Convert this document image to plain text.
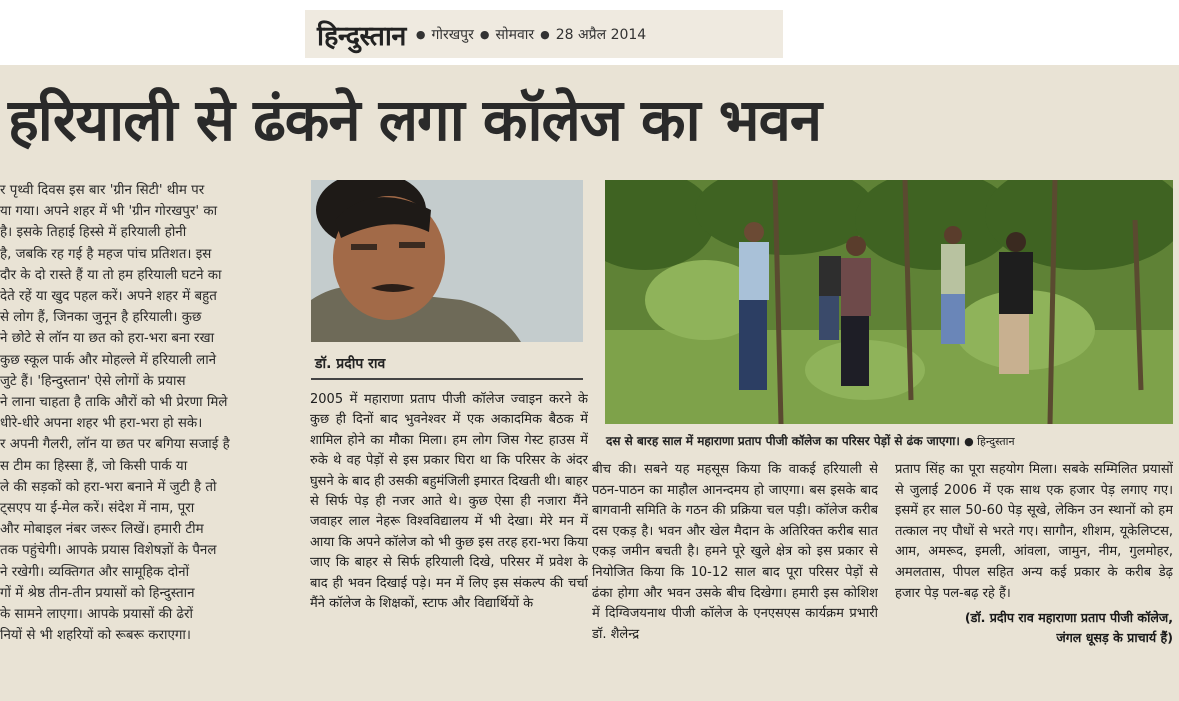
हिन्दुस्तान ● गोरखपुर ● सोमवार ● 28 अप्रैल 2014
हरियाली से ढंकने लगा कॉलेज का भवन

र पृथ्वी दिवस इस बार 'ग्रीन सिटी' थीम पर

या गया। अपने शहर में भी 'ग्रीन गोरखपुर' का

है। इसके तिहाई हिस्से में हरियाली होनी

है, जबकि रह गई है महज पांच प्रतिशत। इस

दौर के दो रास्ते हैं या तो हम हरियाली घटने का

देते रहें या खुद पहल करें। अपने शहर में बहुत

से लोग हैं, जिनका जुनून है हरियाली। कुछ

ने छोटे से लॉन या छत को हरा-भरा बना रखा

कुछ स्कूल पार्क और मोहल्ले में हरियाली लाने

जुटे हैं। 'हिन्दुस्तान' ऐसे लोगों के प्रयास

ने लाना चाहता है ताकि औरों को भी प्रेरणा मिले

धीरे-धीरे अपना शहर भी हरा-भरा हो सके।

र अपनी गैलरी, लॉन या छत पर बगिया सजाई है

स टीम का हिस्सा हैं, जो किसी पार्क या

ले की सड़कों को हरा-भरा बनाने में जुटी है तो

ट्सएप या ई-मेल करें। संदेश में नाम, पूरा

और मोबाइल नंबर जरूर लिखें। हमारी टीम

तक पहुंचेगी। आपके प्रयास विशेषज्ञों के पैनल

ने रखेगी। व्यक्तिगत और सामूहिक दोनों

गों में श्रेष्ठ तीन-तीन प्रयासों को हिन्दुस्तान

के सामने लाएगा। आपके प्रयासों की ढेरों

नियों से भी शहरियों को रूबरू कराएगा।

डॉ. प्रदीप राव

2005 में महाराणा प्रताप पीजी कॉलेज ज्वाइन करने के कुछ ही दिनों बाद भुवनेश्वर में एक अकादमिक बैठक में शामिल होने का मौका मिला। हम लोग जिस गेस्ट हाउस में रुके थे वह पेड़ों से इस प्रकार घिरा था कि परिसर के अंदर घुसने के बाद ही उसकी बहुमंजिली इमारत दिखती थी। बाहर से सिर्फ पेड़ ही नजर आते थे। कुछ ऐसा ही नजारा मैंने जवाहर लाल नेहरू विश्वविद्यालय में भी देखा। मेरे मन में आया कि अपने कॉलेज को भी कुछ इस तरह हरा-भरा किया जाए कि बाहर से सिर्फ हरियाली दिखे, परिसर में प्रवेश के बाद ही भवन दिखाई पड़े। मन में लिए इस संकल्प की चर्चा मैंने कॉलेज के शिक्षकों, स्टाफ और विद्यार्थियों के

दस से बारह साल में महाराणा प्रताप पीजी कॉलेज का परिसर पेड़ों से ढंक जाएगा। ● हिन्दुस्तान

बीच की। सबने यह महसूस किया कि वाकई हरियाली से पठन-पाठन का माहौल आनन्दमय हो जाएगा। बस इसके बाद बागवानी समिति के गठन की प्रक्रिया चल पड़ी। कॉलेज करीब दस एकड़ है। भवन और खेल मैदान के अतिरिक्त करीब सात एकड़ जमीन बचती है। हमने पूरे खुले क्षेत्र को इस प्रकार से नियोजित किया कि 10-12 साल बाद पूरा परिसर पेड़ों से ढंका होगा और भवन उसके बीच दिखेगा। हमारी इस कोशिश में दिग्विजयनाथ पीजी कॉलेज के एनएसएस कार्यक्रम प्रभारी डॉ. शैलेन्द्र

प्रताप सिंह का पूरा सहयोग मिला। सबके सम्मिलित प्रयासों से जुलाई 2006 में एक साथ एक हजार पेड़ लगाए गए। इसमें हर साल 50-60 पेड़ सूखे, लेकिन उन स्थानों को हम तत्काल नए पौधों से भरते गए। सागौन, शीशम, यूकेलिप्टस, आम, अमरूद, इमली, आंवला, जामुन, नीम, गुलमोहर, अमलतास, पीपल सहित अन्य कई प्रकार के करीब डेढ़ हजार पेड़ पल-बढ़ रहे हैं।

(डॉ. प्रदीप राव महाराणा प्रताप पीजी कॉलेज,
जंगल धूसड़ के प्राचार्य हैं)
